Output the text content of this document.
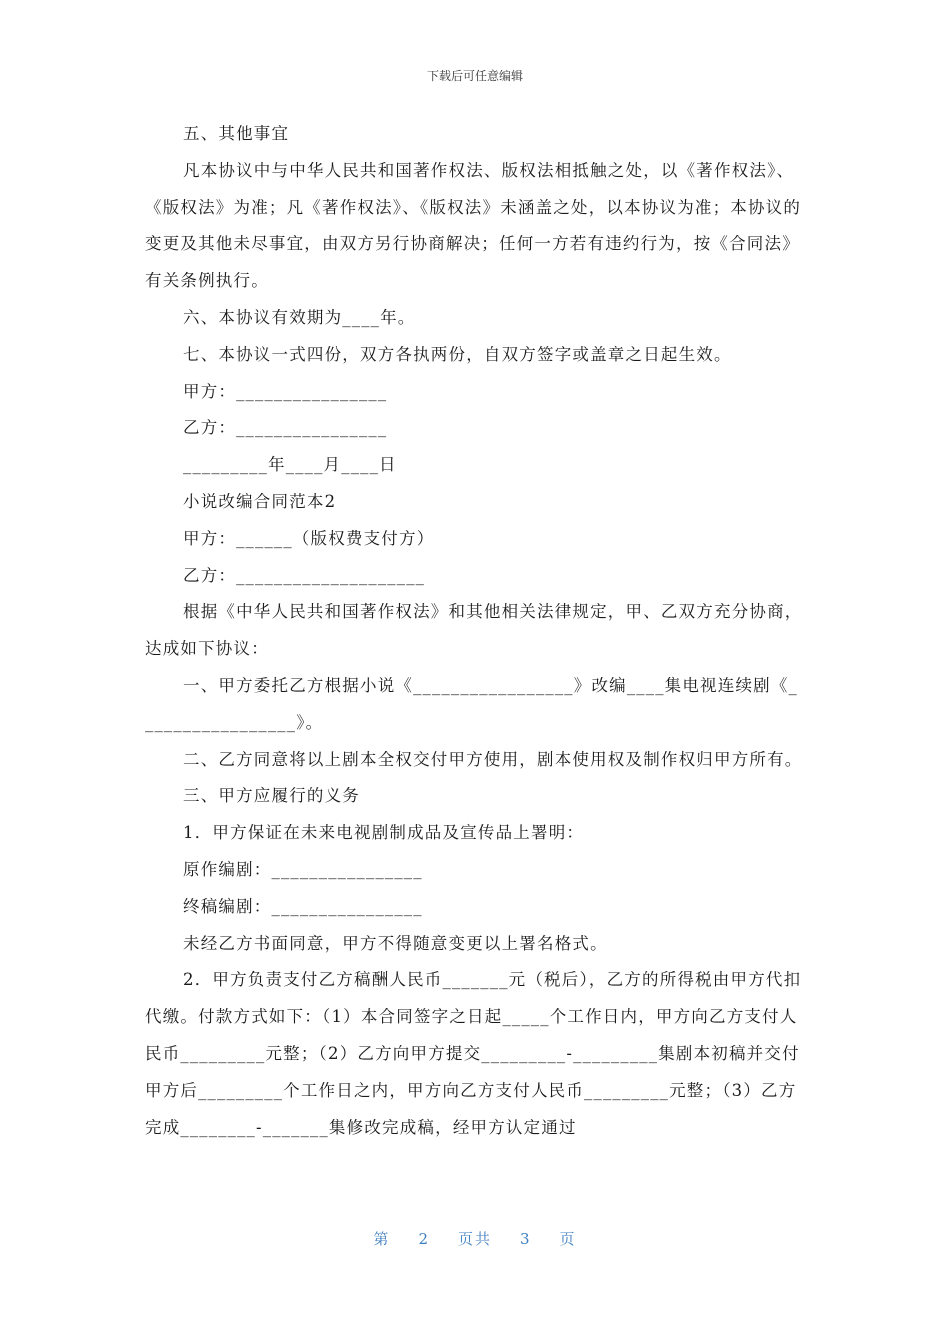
下载后可任意编辑

五、其他事宜

凡本协议中与中华人民共和国著作权法、版权法相抵触之处，以《著作权法》、《版权法》为准；凡《著作权法》、《版权法》未涵盖之处，以本协议为准；本协议的变更及其他未尽事宜，由双方另行协商解决；任何一方若有违约行为，按《合同法》有关条例执行。

六、本协议有效期为____年。

七、本协议一式四份，双方各执两份，自双方签字或盖章之日起生效。

甲方：________________

乙方：________________

_________年____月____日

小说改编合同范本2

甲方：______（版权费支付方）

乙方：____________________

根据《中华人民共和国著作权法》和其他相关法律规定，甲、乙双方充分协商，达成如下协议：

一、甲方委托乙方根据小说《_________________》改编____集电视连续剧《_________________》。

二、乙方同意将以上剧本全权交付甲方使用，剧本使用权及制作权归甲方所有。

三、甲方应履行的义务

1．甲方保证在未来电视剧制成品及宣传品上署明：

原作编剧：________________

终稿编剧：________________

未经乙方书面同意，甲方不得随意变更以上署名格式。

2．甲方负责支付乙方稿酬人民币_______元（税后），乙方的所得税由甲方代扣代缴。付款方式如下：（1）本合同签字之日起_____个工作日内，甲方向乙方支付人民币_________元整；（2）乙方向甲方提交_________-_________集剧本初稿并交付甲方后_________个工作日之内，甲方向乙方支付人民币_________元整；（3）乙方完成________-_______集修改完成稿，经甲方认定通过

第 2 页共 3 页
